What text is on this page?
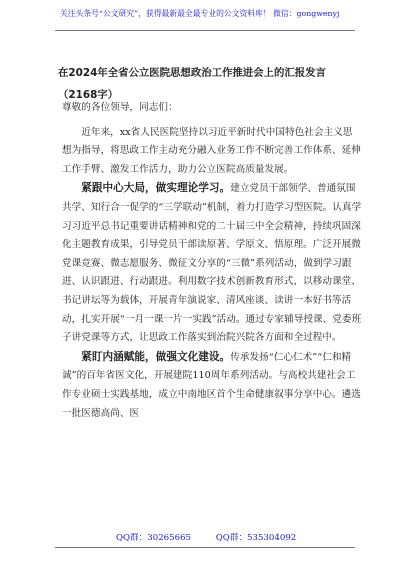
关注头条号“公文研究”，获得最新最全最专业的公文资料库！ 微信：gongwenyj
在2024年全省公立医院思想政治工作推进会上的汇报发言（2168字）

尊敬的各位领导，同志们：

近年来，xx省人民医院坚持以习近平新时代中国特色社会主义思想为指导，将思政工作主动充分融入业务工作不断完善工作体系、延伸工作手臂、激发工作活力，助力公立医院高质量发展。

紧跟中心大局，做实理论学习。建立党员干部领学、普通氛围共学、知行合一促学的“三学联动”机制，着力打造学习型医院。认真学习习近平总书记重要讲话精神和党的二十届三中全会精神，持续巩固深化主题教育成果，引导党员干部读原著、学原文、悟原理。广泛开展微党课竞赛、微志愿服务、微征文分享的“三微”系列活动，做到学习跟进、认识跟进、行动跟进。利用数字技术创新教育形式，以移动课堂、书记讲坛等为载体，开展青年演说家、清风座谈、读讲一本好书等活动，扎实开展“一月一课一片一实践”活动。通过专家辅导授课、党委班子讲党课等方式，让思政工作落实到治院兴院各方面和全过程中。

紧盯内涵赋能，做强文化建设。传承发扬“仁心仁术”“仁和精诚”的百年省医文化，开展建院110周年系列活动。与高校共建社会工作专业硕士实践基地，成立中南地区首个生命健康叙事分享中心。遴选一批医德高尚、医

QQ群：30265665	QQ群：535304092
